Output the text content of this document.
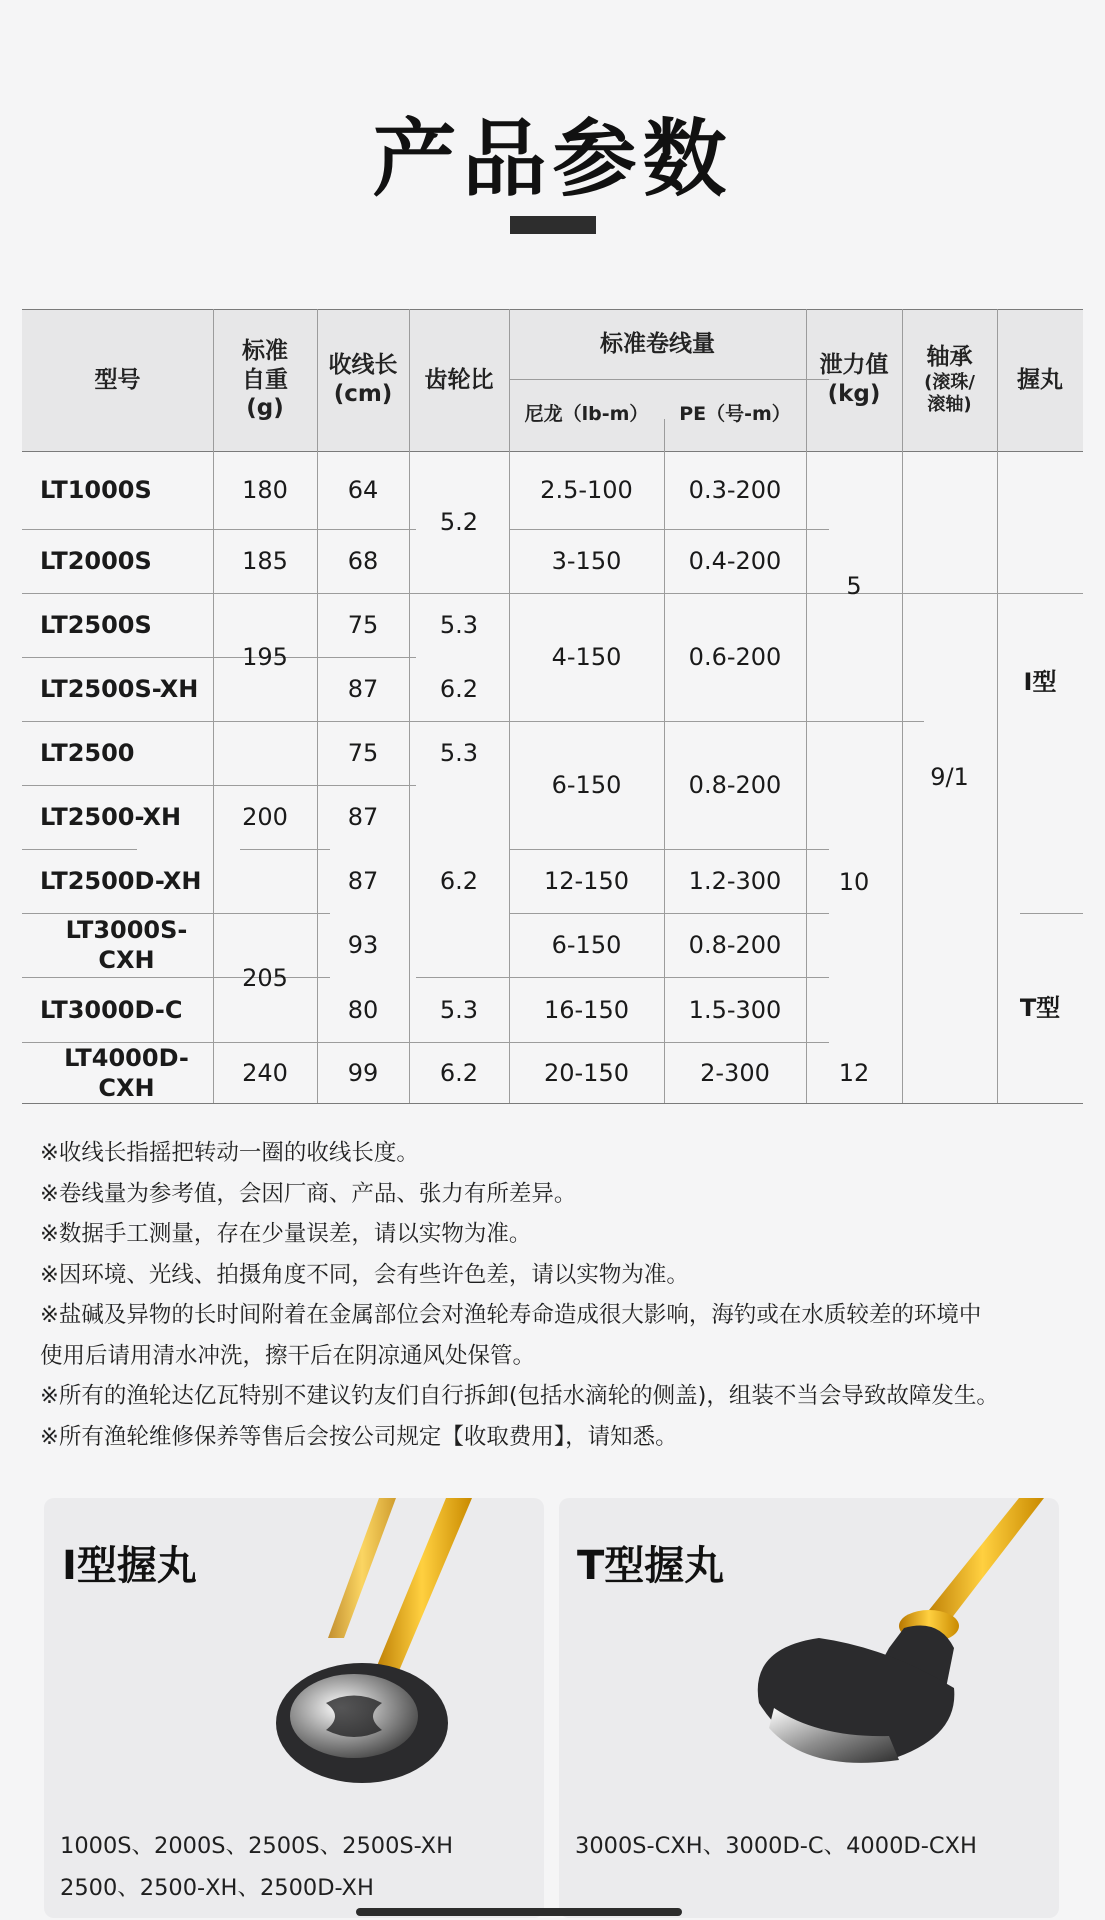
产品参数
型号
标准
自重
(g)
收线长
(cm)
齿轮比
标准卷线量
尼龙（lb-m）	PE（号-m）
泄力值
(kg)
轴承
(滚珠/
滚轴)
握丸
LT1000S
LT2000S
LT2500S
LT2500S-XH
LT2500
LT2500-XH
LT2500D-XH
LT3000S-CXH
LT3000D-C
LT4000D-CXH
180
185
195
200
205
240
64
68
75
87
75
87
87
93
80
99
5.2
5.3
6.2
5.3
6.2
5.3
6.2
2.5-100
3-150
4-150
6-150
12-150
6-150
16-150
20-150
0.3-200
0.4-200
0.6-200
0.8-200
1.2-300
0.8-200
1.5-300
2-300
5
10
12
9/1
I型
T型
※收线长指摇把转动一圈的收线长度。
※卷线量为参考值，会因厂商、产品、张力有所差异。
※数据手工测量，存在少量误差，请以实物为准。
※因环境、光线、拍摄角度不同，会有些许色差，请以实物为准。
※盐碱及异物的长时间附着在金属部位会对渔轮寿命造成很大影响，海钓或在水质较差的环境中
使用后请用清水冲洗，擦干后在阴凉通风处保管。
※所有的渔轮达亿瓦特别不建议钓友们自行拆卸(包括水滴轮的侧盖)，组装不当会导致故障发生。
※所有渔轮维修保养等售后会按公司规定【收取费用】，请知悉。
I型握丸
1000S、2000S、2500S、2500S-XH
2500、2500-XH、2500D-XH
T型握丸
3000S-CXH、3000D-C、4000D-CXH
